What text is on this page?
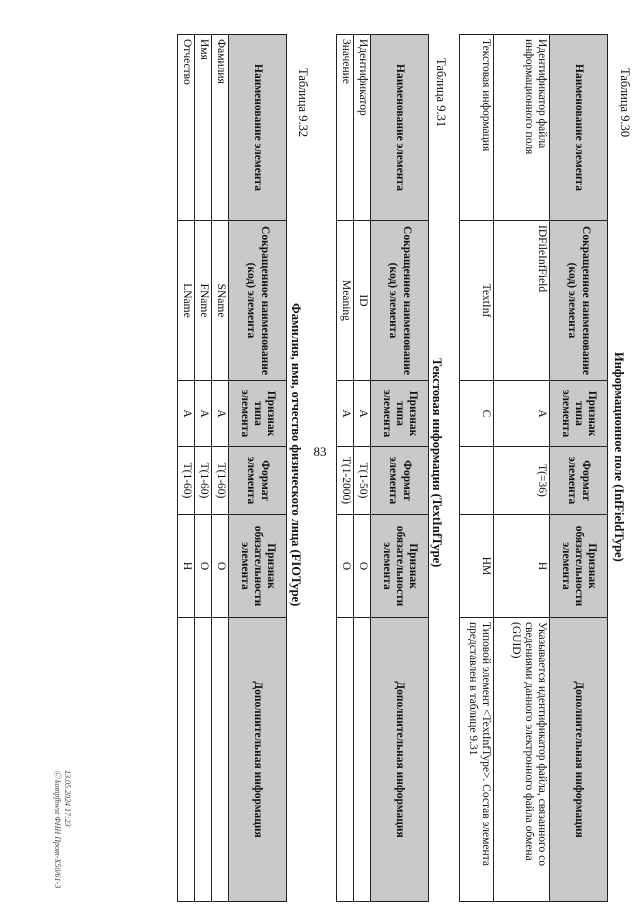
83
Таблица 9.30
Информационное поле (InfFieldType)
Наименование элемента	Сокращенное наименование (код) элемента	Признак типа элемента	Формат элемента	Признак обязательности элемента	Дополнительная информация
Идентификатор файла информационного поля	IDFileInfField	A	T(=36)	Н	Указывается идентификатор файла, связанного со сведениями данного электронного файла обмена (GUID)
Текстовая информация	TextInf	С		НМ	Типовой элемент <TextInfType>. Состав элемента представлен в таблице 9.31
Таблица 9.31
Текстовая информация (TextInfType)
Наименование элемента	Сокращенное наименование (код) элемента	Признак типа элемента	Формат элемента	Признак обязательности элемента	Дополнительная информация
Идентификатор	ID	A	T(1-50)	О	
Значение	Meaning	A	T(1-2000)	О	
Таблица 9.32
Фамилия, имя, отчество физического лица (FIOType)
Наименование элемента	Сокращенное наименование (код) элемента	Признак типа элемента	Формат элемента	Признак обязательности элемента	Дополнительная информация
Фамилия	SName	A	T(1-60)	О	
Имя	FName	A	T(1-60)	О	
Отчество	LName	A	T(1-60)	Н	
13.05.2024 17:23
Ⓒ kompfhwst ФНН Прот-Х50/61-3
